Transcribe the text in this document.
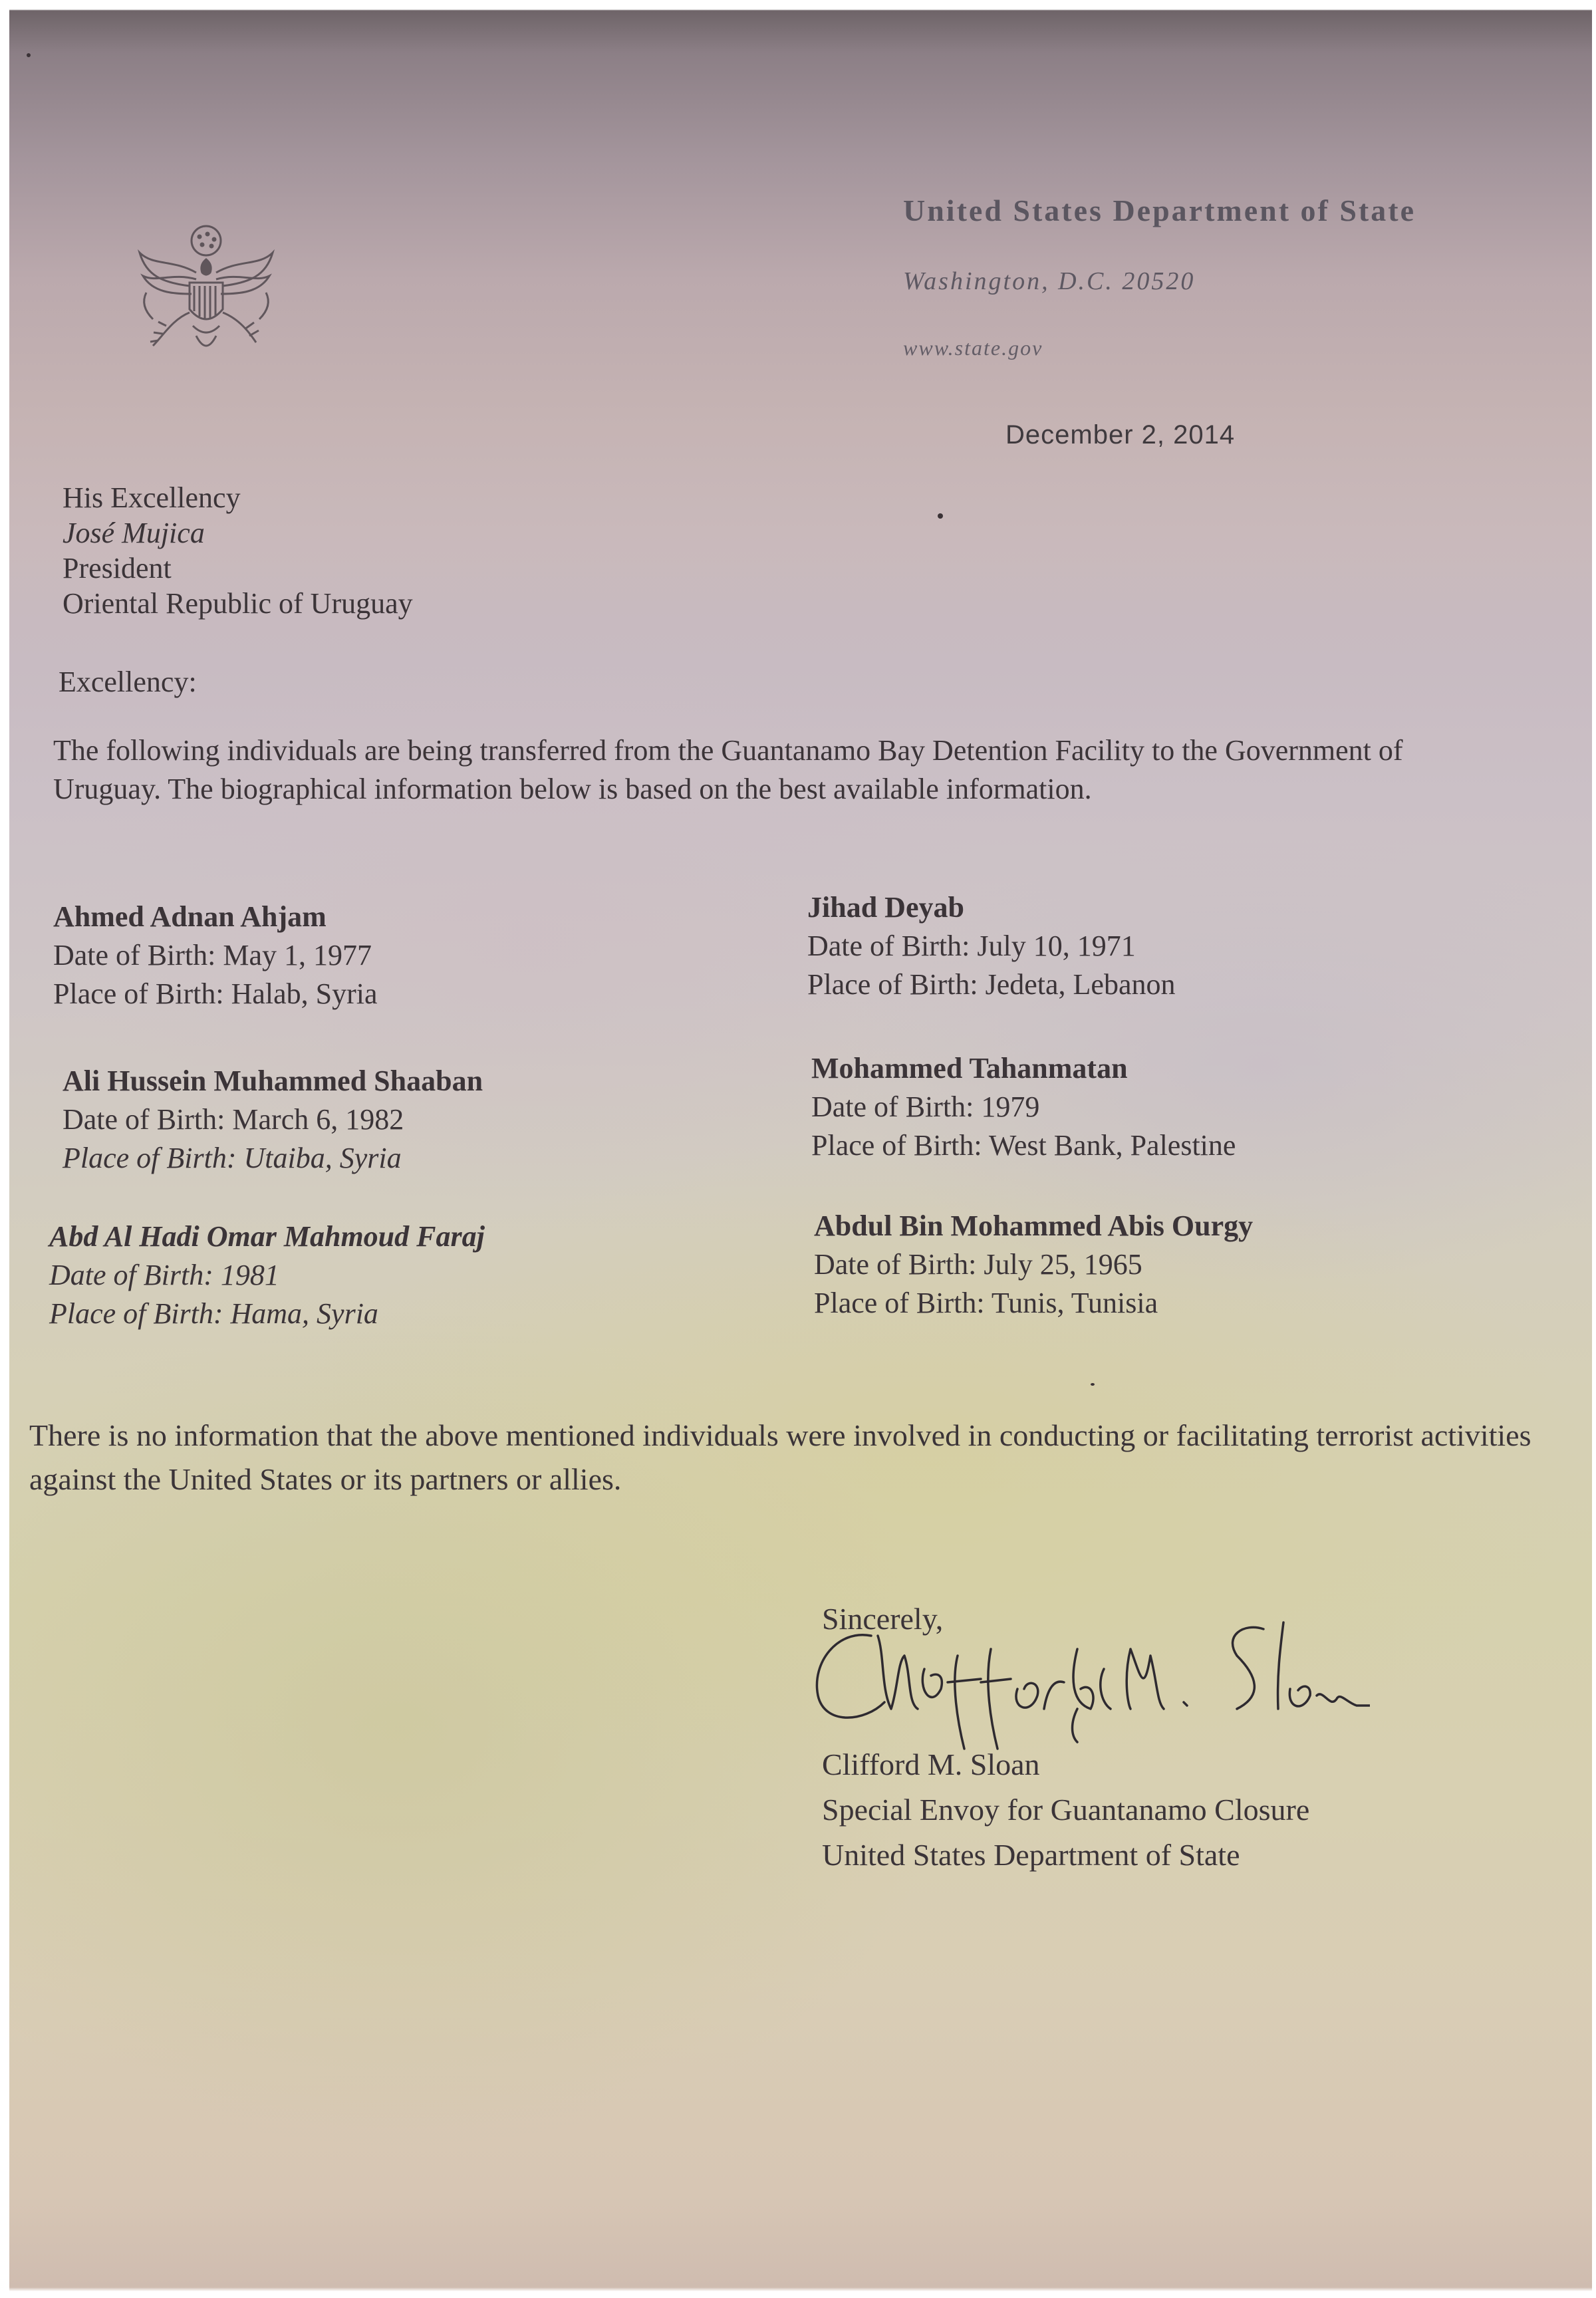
United States Department of State
Washington, D.C. 20520
www.state.gov
December 2, 2014
His Excellency
José Mujica
President
Oriental Republic of Uruguay
Excellency:
The following individuals are being transferred from the Guantanamo Bay Detention Facility to the Government of Uruguay. The biographical information below is based on the best available information.
Ahmed Adnan Ahjam
Date of Birth: May 1, 1977
Place of Birth: Halab, Syria
Ali Hussein Muhammed Shaaban
Date of Birth: March 6, 1982
Place of Birth: Utaiba, Syria
Abd Al Hadi Omar Mahmoud Faraj
Date of Birth: 1981
Place of Birth: Hama, Syria
Jihad Deyab
Date of Birth: July 10, 1971
Place of Birth: Jedeta, Lebanon
Mohammed Tahanmatan
Date of Birth: 1979
Place of Birth: West Bank, Palestine
Abdul Bin Mohammed Abis Ourgy
Date of Birth: July 25, 1965
Place of Birth: Tunis, Tunisia
There is no information that the above mentioned individuals were involved in conducting or facilitating terrorist activities against the United States or its partners or allies.
Sincerely,
Clifford M. Sloan
Special Envoy for Guantanamo Closure
United States Department of State
